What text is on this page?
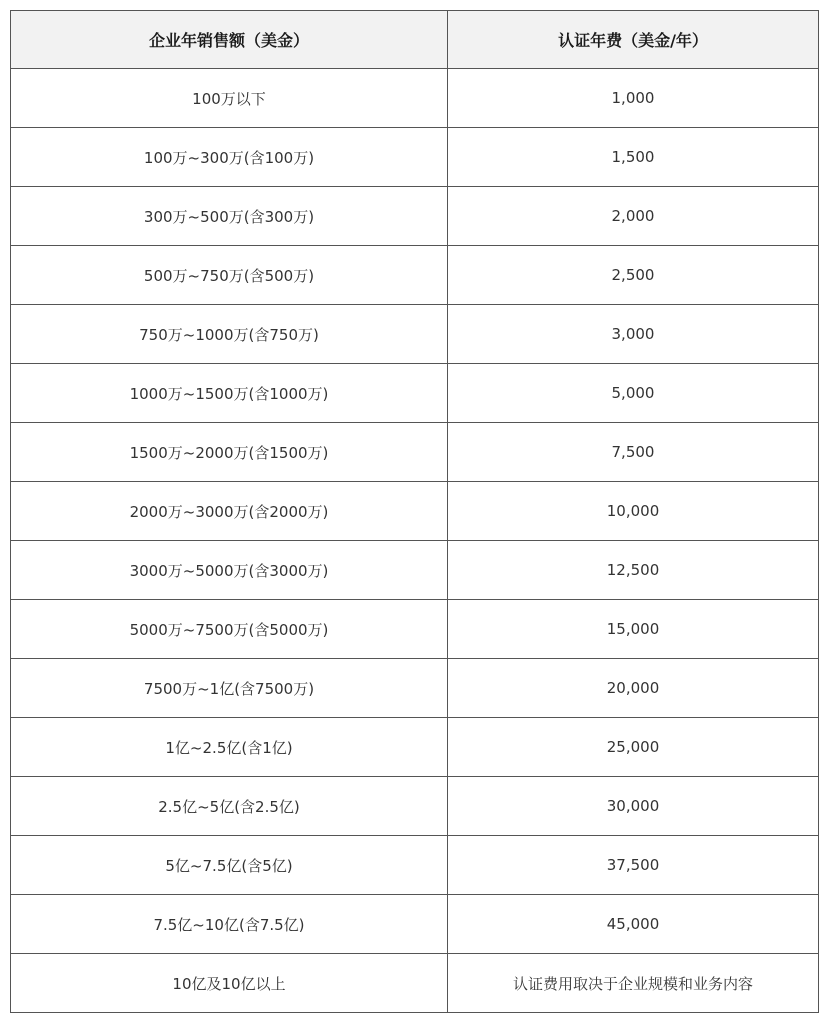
企业年销售额（美金）	认证年费（美金/年）
100万以下	1,000
100万~300万(含100万)	1,500
300万~500万(含300万)	2,000
500万~750万(含500万)	2,500
750万~1000万(含750万)	3,000
1000万~1500万(含1000万)	5,000
1500万~2000万(含1500万)	7,500
2000万~3000万(含2000万)	10,000
3000万~5000万(含3000万)	12,500
5000万~7500万(含5000万)	15,000
7500万~1亿(含7500万)	20,000
1亿~2.5亿(含1亿)	25,000
2.5亿~5亿(含2.5亿)	30,000
5亿~7.5亿(含5亿)	37,500
7.5亿~10亿(含7.5亿)	45,000
10亿及10亿以上	认证费用取决于企业规模和业务内容
